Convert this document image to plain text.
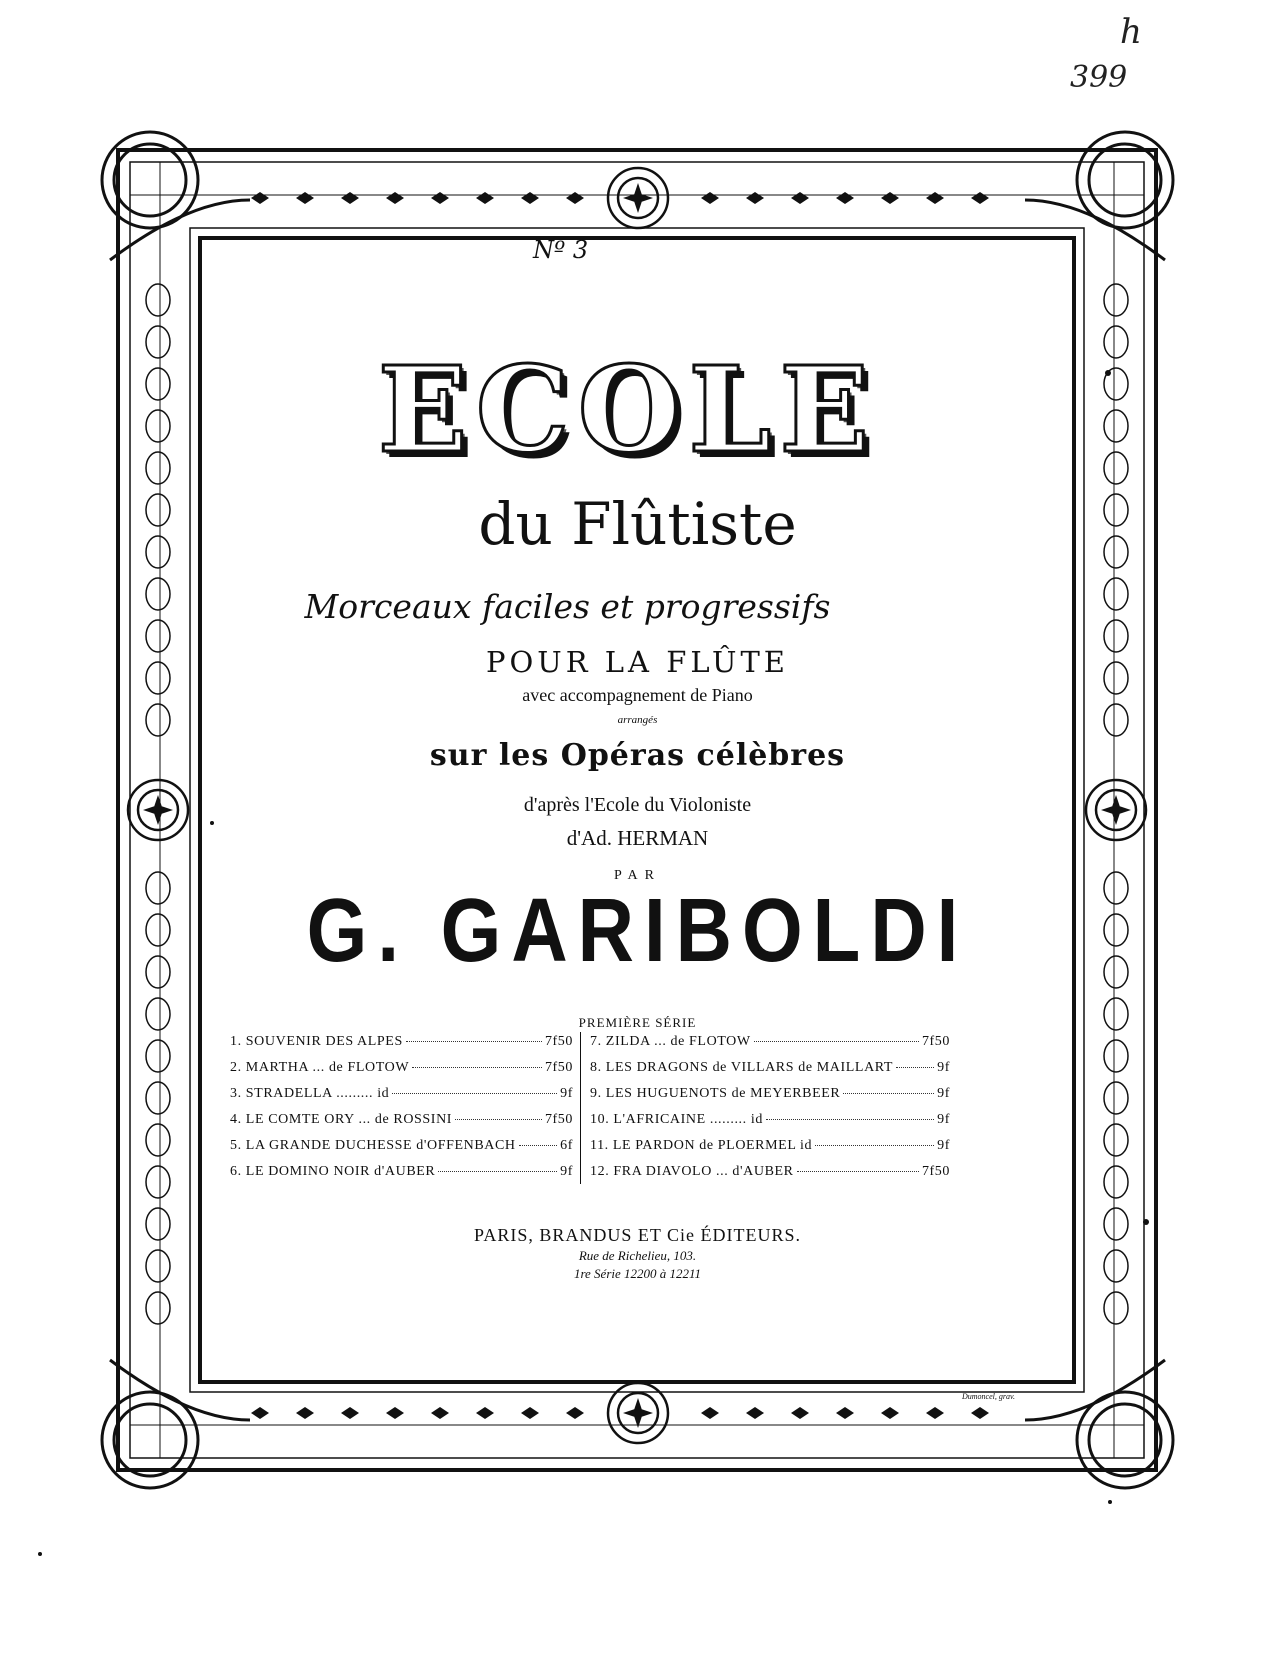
h
399
Nº 3
ECOLE
du Flûtiste
Morceaux faciles et progressifs
POUR LA FLÛTE
avec accompagnement de Piano
arrangés
sur les Opéras célèbres
d'après l'Ecole du Violoniste
d'Ad. HERMAN
PAR
G. GARIBOLDI
PREMIÈRE SÉRIE
1. SOUVENIR DES ALPES	7f50
2. MARTHA ... de FLOTOW	7f50
3. STRADELLA ......... id	9f
4. LE COMTE ORY ... de ROSSINI	7f50
5. LA GRANDE DUCHESSE d'OFFENBACH	6f
6. LE DOMINO NOIR d'AUBER	9f
7. ZILDA ... de FLOTOW	7f50
8. LES DRAGONS de VILLARS de MAILLART	9f
9. LES HUGUENOTS de MEYERBEER	9f
10. L'AFRICAINE ......... id	9f
11. LE PARDON de PLOERMEL id	9f
12. FRA DIAVOLO ... d'AUBER	7f50
PARIS, BRANDUS ET Cie ÉDITEURS.
Rue de Richelieu, 103.
1re Série 12200 à 12211
Dumoncel, grav.
